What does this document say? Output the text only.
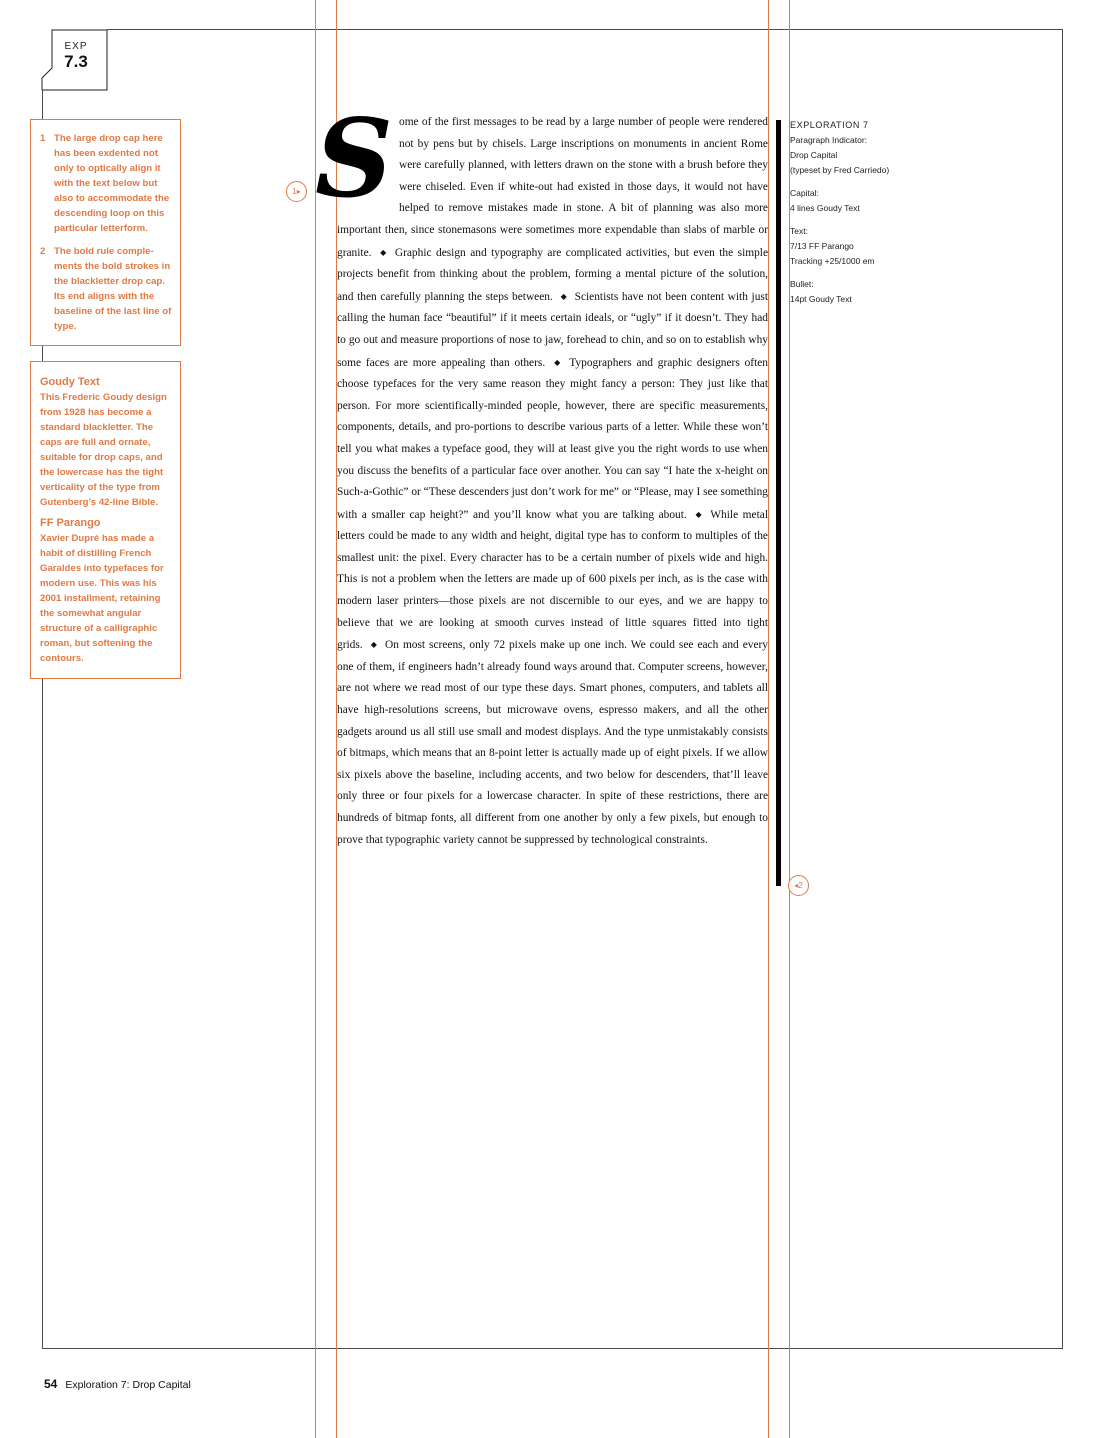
EXP
7.3
1 The large drop cap here has been exdented not only to optically align it with the text below but also to accommodate the descending loop on this particular letterform.
2 The bold rule comple-ments the bold strokes in the blackletter drop cap. Its end aligns with the baseline of the last line of type.
Goudy Text
This Frederic Goudy design from 1928 has become a standard blackletter. The caps are full and ornate, suitable for drop caps, and the lowercase has the tight verticality of the type from Gutenberg’s 42-line Bible.
FF Parango
Xavier Dupré has made a habit of distilling French Garaldes into typefaces for modern use. This was his 2001 installment, retaining the somewhat angular structure of a calligraphic roman, but softening the contours.
1▸
◂2
Some of the first messages to be read by a large number of people were rendered not by pens but by chisels. Large inscriptions on monuments in ancient Rome were carefully planned, with letters drawn on the stone with a brush before they were chiseled. Even if white-out had existed in those days, it would not have helped to remove mistakes made in stone. A bit of planning was also more important then, since stonemasons were sometimes more expendable than slabs of marble or granite. ◆ Graphic design and typography are complicated activities, but even the simple projects benefit from thinking about the problem, forming a mental picture of the solution, and then carefully planning the steps between. ◆ Scientists have not been content with just calling the human face “beautiful” if it meets certain ideals, or “ugly” if it doesn’t. They had to go out and measure proportions of nose to jaw, forehead to chin, and so on to establish why some faces are more appealing than others. ◆ Typographers and graphic designers often choose typefaces for the very same reason they might fancy a person: They just like that person. For more scientifically-minded people, however, there are specific measurements, components, details, and pro-portions to describe various parts of a letter. While these won’t tell you what makes a typeface good, they will at least give you the right words to use when you discuss the benefits of a particular face over another. You can say “I hate the x-height on Such-a-Gothic” or “These descenders just don’t work for me” or “Please, may I see something with a smaller cap height?” and you’ll know what you are talking about. ◆ While metal letters could be made to any width and height, digital type has to conform to multiples of the smallest unit: the pixel. Every character has to be a certain number of pixels wide and high. This is not a problem when the letters are made up of 600 pixels per inch, as is the case with modern laser printers—those pixels are not discernible to our eyes, and we are happy to believe that we are looking at smooth curves instead of little squares fitted into tight grids. ◆ On most screens, only 72 pixels make up one inch. We could see each and every one of them, if engineers hadn’t already found ways around that. Computer screens, however, are not where we read most of our type these days. Smart phones, computers, and tablets all have high-resolutions screens, but microwave ovens, espresso makers, and all the other gadgets around us all still use small and modest displays. And the type unmistakably consists of bitmaps, which means that an 8-point letter is actually made up of eight pixels. If we allow six pixels above the baseline, including accents, and two below for descenders, that’ll leave only three or four pixels for a lowercase character. In spite of these restrictions, there are hundreds of bitmap fonts, all different from one another by only a few pixels, but enough to prove that typographic variety cannot be suppressed by technological constraints.
EXPLORATION 7
Paragraph Indicator:
Drop Capital
(typeset by Fred Carriedo)
Capital:
4 lines Goudy Text
Text:
7/13 FF Parango
Tracking +25/1000 em
Bullet:
14pt Goudy Text
54 Exploration 7: Drop Capital
